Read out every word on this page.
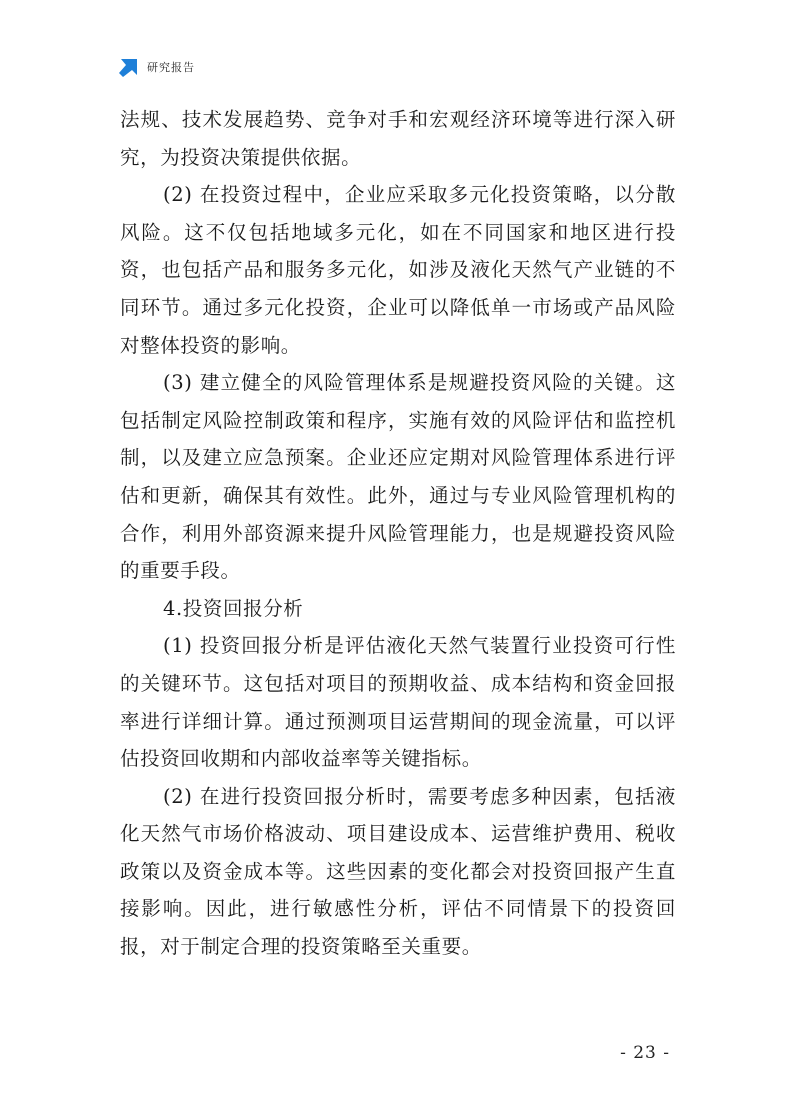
研究报告

法规、技术发展趋势、竞争对手和宏观经济环境等进行深入研究，为投资决策提供依据。

(2) 在投资过程中，企业应采取多元化投资策略，以分散风险。这不仅包括地域多元化，如在不同国家和地区进行投资，也包括产品和服务多元化，如涉及液化天然气产业链的不同环节。通过多元化投资，企业可以降低单一市场或产品风险对整体投资的影响。

(3) 建立健全的风险管理体系是规避投资风险的关键。这包括制定风险控制政策和程序，实施有效的风险评估和监控机制，以及建立应急预案。企业还应定期对风险管理体系进行评估和更新，确保其有效性。此外，通过与专业风险管理机构的合作，利用外部资源来提升风险管理能力，也是规避投资风险的重要手段。

4.投资回报分析

(1) 投资回报分析是评估液化天然气装置行业投资可行性的关键环节。这包括对项目的预期收益、成本结构和资金回报率进行详细计算。通过预测项目运营期间的现金流量，可以评估投资回收期和内部收益率等关键指标。

(2) 在进行投资回报分析时，需要考虑多种因素，包括液化天然气市场价格波动、项目建设成本、运营维护费用、税收政策以及资金成本等。这些因素的变化都会对投资回报产生直接影响。因此，进行敏感性分析，评估不同情景下的投资回报，对于制定合理的投资策略至关重要。

- 23 -
